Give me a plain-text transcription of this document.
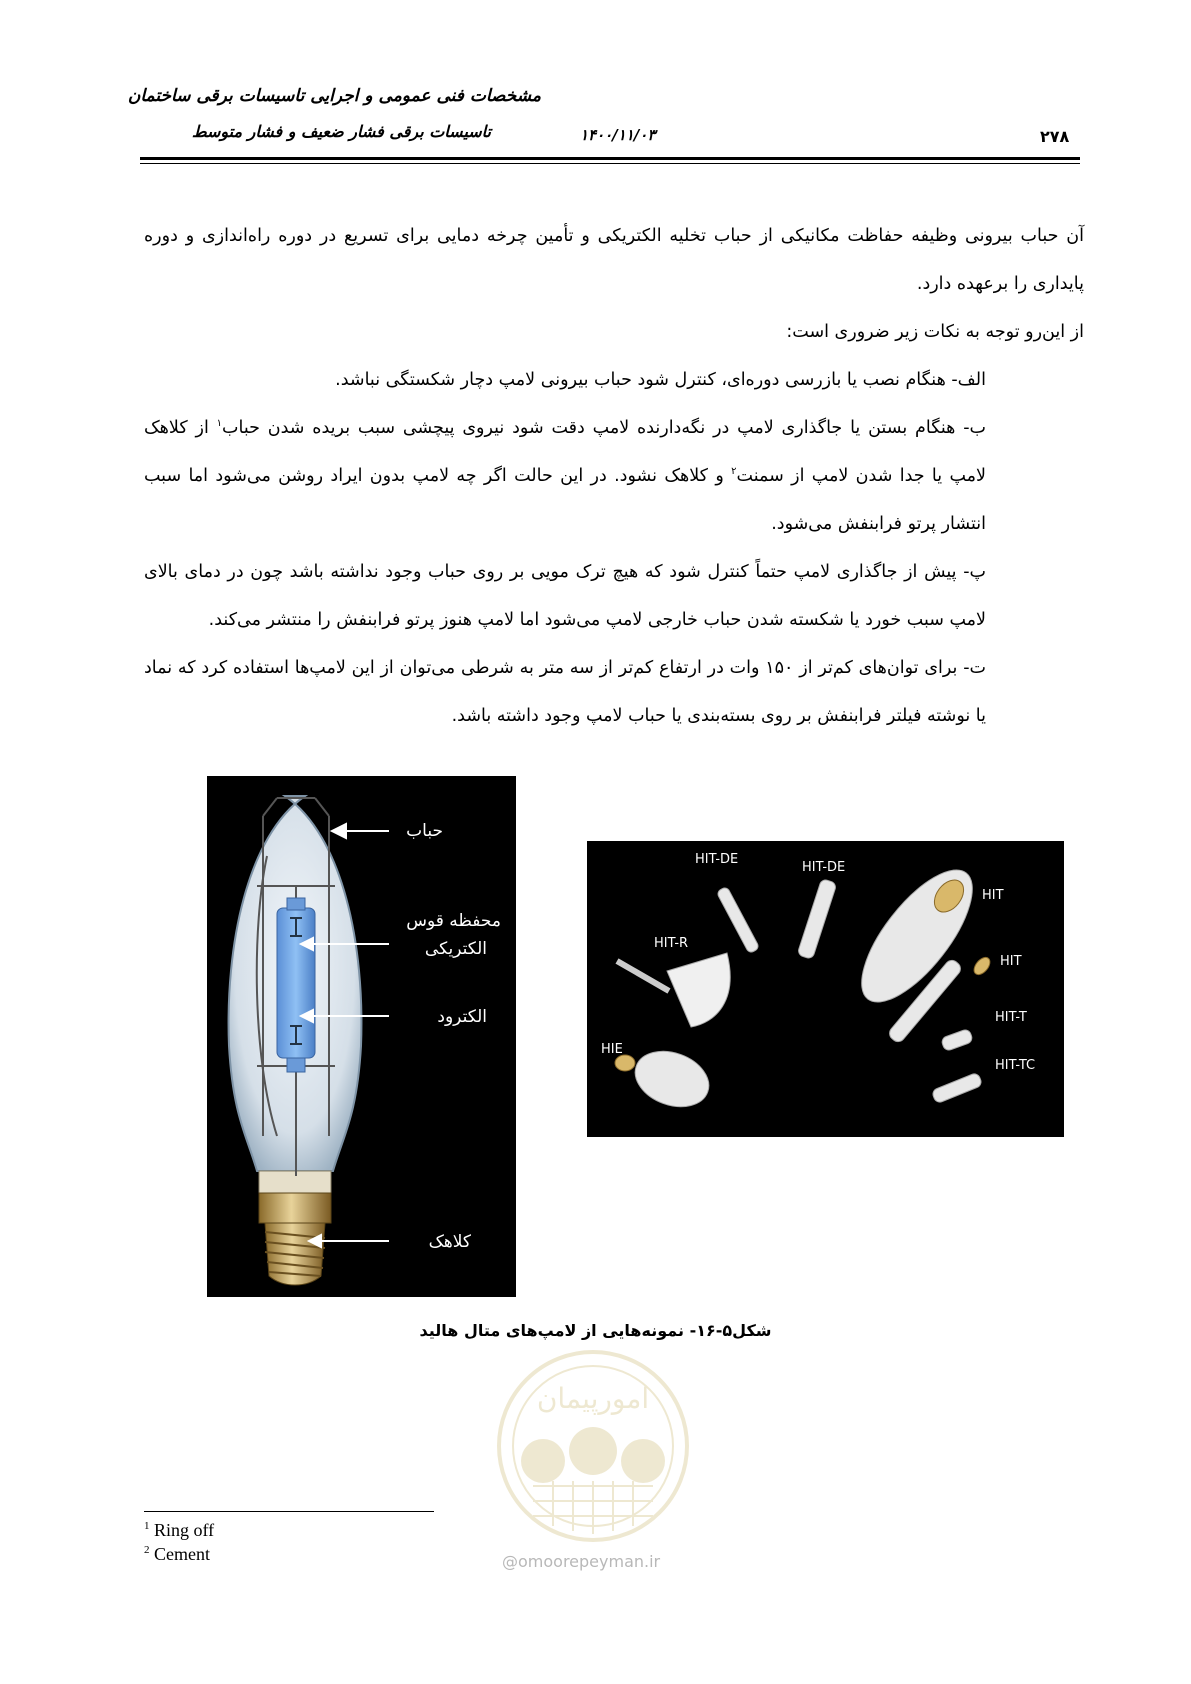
مشخصات فنی عمومی و اجرایی تاسیسات برقی ساختمان
تاسیسات برقی فشار ضعیف و فشار متوسط	۱۴۰۰/۱۱/۰۳	۲۷۸

آن حباب بیرونی وظیفه حفاظت مکانیکی از حباب تخلیه الکتریکی و تأمین چرخه دمایی برای تسریع در دوره راه‌اندازی و دوره پایداری را برعهده دارد.

از این‌رو توجه به نکات زیر ضروری است:

الف- هنگام نصب یا بازرسی دوره‌ای، کنترل شود حباب بیرونی لامپ دچار شکستگی نباشد.

ب- هنگام بستن یا جاگذاری لامپ در نگه‌دارنده لامپ دقت شود نیروی پیچشی سبب بریده شدن حباب$^۱$ از کلاهک لامپ یا جدا شدن لامپ از سمنت$^۲$ و کلاهک نشود. در این حالت اگر چه لامپ بدون ایراد روشن می‌شود اما سبب انتشار پرتو فرابنفش می‌شود.

پ- پیش از جاگذاری لامپ حتماً کنترل شود که هیچ ترک مویی بر روی حباب وجود نداشته باشد چون در دمای بالای لامپ سبب خورد یا شکسته شدن حباب خارجی لامپ می‌شود اما لامپ هنوز پرتو فرابنفش را منتشر می‌کند.

ت- برای توان‌های کم‌تر از ۱۵۰ وات در ارتفاع کم‌تر از سه متر به شرطی می‌توان از این لامپ‌ها استفاده کرد که نماد یا نوشته فیلتر فرابنفش بر روی بسته‌بندی یا حباب لامپ وجود داشته باشد.

حباب
محفظه قوس
الکتریکی
الکترود
کلاهک
HIT-DE
HIT-DE
HIT
HIT-R
HIT
HIT-T
HIE
HIT-TC
شکل۵-۱۶- نمونه‌هایی از لامپ‌های متال هالید
امورپیمان
@omoorepeyman.ir
$^1$ Ring off
$^2$ Cement
